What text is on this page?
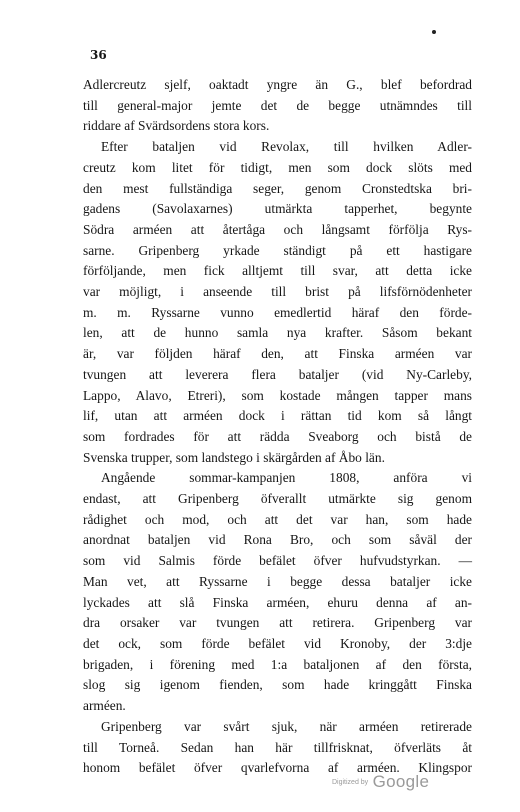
36
Adlercreutz sjelf, oaktadt yngre än G., blef befordrad
till general-major jemte det de begge utnämndes till
riddare af Svärdsordens stora kors.
Efter bataljen vid Revolax, till hvilken Adler-
creutz kom litet för tidigt, men som dock slöts med
den mest fullständiga seger, genom Cronstedtska bri-
gadens (Savolaxarnes) utmärkta tapperhet, begynte
Södra arméen att återtåga och långsamt förfölja Rys-
sarne. Gripenberg yrkade ständigt på ett hastigare
förföljande, men fick alltjemt till svar, att detta icke
var möjligt, i anseende till brist på lifsförnödenheter
m. m. Ryssarne vunno emedlertid häraf den förde-
len, att de hunno samla nya krafter. Såsom bekant
är, var följden häraf den, att Finska arméen var
tvungen att leverera flera bataljer (vid Ny-Carleby,
Lappo, Alavo, Etreri), som kostade mången tapper mans
lif, utan att arméen dock i rättan tid kom så långt
som fordrades för att rädda Sveaborg och bistå de
Svenska trupper, som landstego i skärgården af Åbo län.
Angående sommar-kampanjen 1808, anföra vi
endast, att Gripenberg öfverallt utmärkte sig genom
rådighet och mod, och att det var han, som hade
anordnat bataljen vid Rona Bro, och som såväl der
som vid Salmis förde befälet öfver hufvudstyrkan. —
Man vet, att Ryssarne i begge dessa bataljer icke
lyckades att slå Finska arméen, ehuru denna af an-
dra orsaker var tvungen att retirera. Gripenberg var
det ock, som förde befälet vid Kronoby, der 3:dje
brigaden, i förening med 1:a bataljonen af den första,
slog sig igenom fienden, som hade kringgått Finska
arméen.
Gripenberg var svårt sjuk, när arméen retirerade
till Torneå. Sedan han här tillfrisknat, öfverläts åt
honom befälet öfver qvarlefvorna af arméen. Klingspor
Digitized by Google
